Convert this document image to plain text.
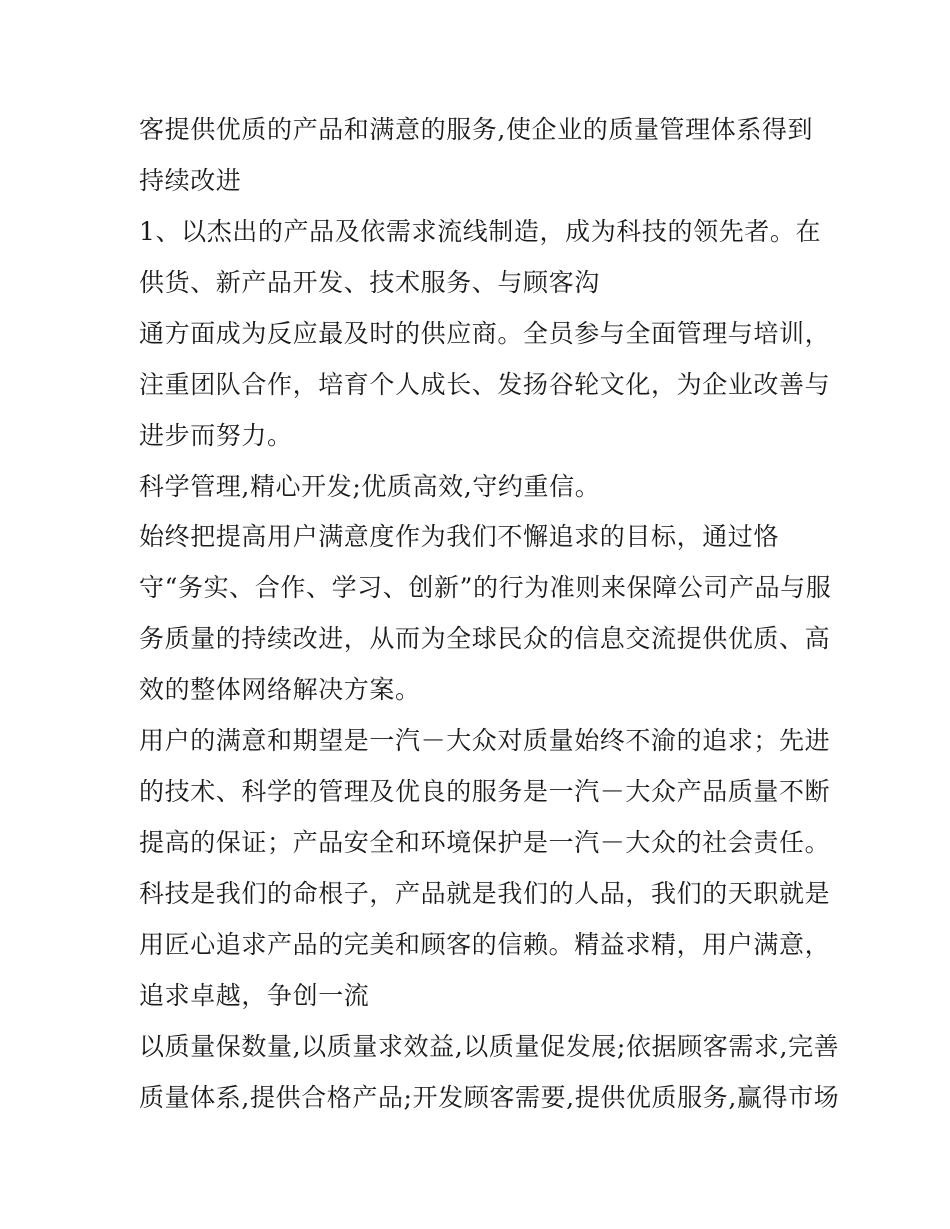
客提供优质的产品和满意的服务,使企业的质量管理体系得到
持续改进
1、以杰出的产品及依需求流线制造，成为科技的领先者。在
供货、新产品开发、技术服务、与顾客沟
通方面成为反应最及时的供应商。全员参与全面管理与培训，
注重团队合作，培育个人成长、发扬谷轮文化，为企业改善与
进步而努力。
科学管理,精心开发;优质高效,守约重信。
始终把提高用户满意度作为我们不懈追求的目标，通过恪
守“务实、合作、学习、创新”的行为准则来保障公司产品与服
务质量的持续改进，从而为全球民众的信息交流提供优质、高
效的整体网络解决方案。
用户的满意和期望是一汽－大众对质量始终不渝的追求；先进
的技术、科学的管理及优良的服务是一汽－大众产品质量不断
提高的保证；产品安全和环境保护是一汽－大众的社会责任。
科技是我们的命根子，产品就是我们的人品，我们的天职就是
用匠心追求产品的完美和顾客的信赖。精益求精，用户满意，
追求卓越，争创一流
以质量保数量,以质量求效益,以质量促发展;依据顾客需求,完善
质量体系,提供合格产品;开发顾客需要,提供优质服务,赢得市场
